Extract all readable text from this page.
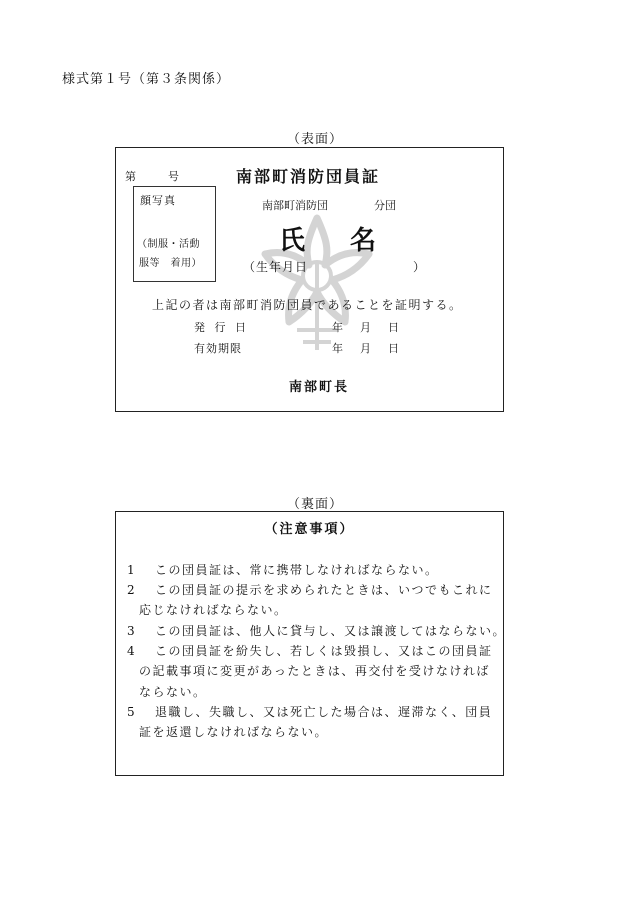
様式第１号（第３条関係）
（表面）
第	号	南部町消防団員証
顔写真
（制服・活動
服等　着用）
南部町消防団	分団
氏 名
（生年月日	）
上記の者は南部町消防団員であることを証明する。
発 行 日	年 月 日
有効期限	年 月 日
南部町長
（裏面）
（注意事項）
1　 この団員証は、常に携帯しなければならない。
2　 この団員証の提示を求められたときは、いつでもこれに
応じなければならない。
3　 この団員証は、他人に貸与し、又は譲渡してはならない。
4　 この団員証を紛失し、若しくは毀損し、又はこの団員証
の記載事項に変更があったときは、再交付を受けなければ
ならない。
5　 退職し、失職し、又は死亡した場合は、遅滞なく、団員
証を返還しなければならない。
